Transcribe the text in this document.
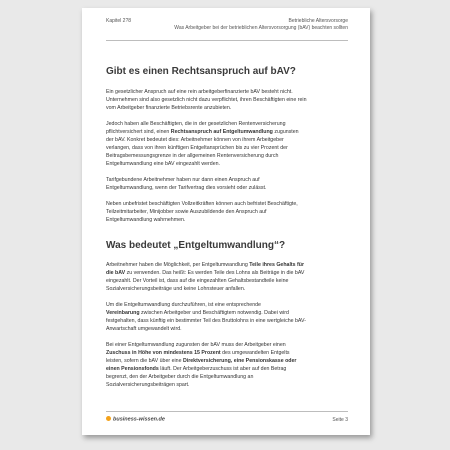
Kapitel 2?8	Betriebliche Altersvorsorge
Was Arbeitgeber bei der betrieblichen Altersvorsorgung (bAV) beachten sollten
Gibt es einen Rechtsanspruch auf bAV?

Ein gesetzlicher Anspruch auf eine rein arbeitgeberfinanzierte bAV besteht nicht.
Unternehmen sind also gesetzlich nicht dazu verpflichtet, ihren Beschäftigten eine rein
vom Arbeitgeber finanzierte Betriebsrente anzubieten.

Jedoch haben alle Beschäftigten, die in der gesetzlichen Rentenversicherung
pflichtversichert sind, einen Rechtsanspruch auf Entgeltumwandlung zugunsten
der bAV. Konkret bedeutet dies: Arbeitnehmer können von ihrem Arbeitgeber
verlangen, dass von ihren künftigen Entgeltansprüchen bis zu vier Prozent der
Beitragsbemessungsgrenze in der allgemeinen Rentenversicherung durch
Entgeltumwandlung eine bAV eingezahlt werden.

Tarifgebundene Arbeitnehmer haben nur dann einen Anspruch auf
Entgeltumwandlung, wenn der Tarifvertrag dies vorsieht oder zulässt.

Neben unbefristet beschäftigten Vollzeitkräften können auch befristet Beschäftigte,
Teilzeitmitarbeiter, Minijobber sowie Auszubildende den Anspruch auf
Entgeltumwandlung wahrnehmen.

Was bedeutet „Entgeltumwandlung“?

Arbeitnehmer haben die Möglichkeit, per Entgeltumwandlung Teile ihres Gehalts für
die bAV zu verwenden. Das heißt: Es werden Teile des Lohns als Beiträge in die bAV
eingezahlt. Der Vorteil ist, dass auf die eingezahlten Gehaltsbestandteile keine
Sozialversicherungsbeiträge und keine Lohnsteuer anfallen.

Um die Entgeltumwandlung durchzuführen, ist eine entsprechende
Vereinbarung zwischen Arbeitgeber und Beschäftigtem notwendig. Dabei wird
festgehalten, dass künftig ein bestimmter Teil des Bruttolohns in eine wertgleiche bAV-
Anwartschaft umgewandelt wird.

Bei einer Entgeltumwandlung zugunsten der bAV muss der Arbeitgeber einen
Zuschuss in Höhe von mindestens 15 Prozent des umgewandelten Entgelts
leisten, sofern die bAV über eine Direktversicherung, eine Pensionskasse oder
einen Pensionsfonds läuft. Der Arbeitgeberzuschuss ist aber auf den Betrag
begrenzt, den der Arbeitgeber durch die Entgeltumwandlung an
Sozialversicherungsbeiträgen spart.

business-wissen.de	Seite 3
